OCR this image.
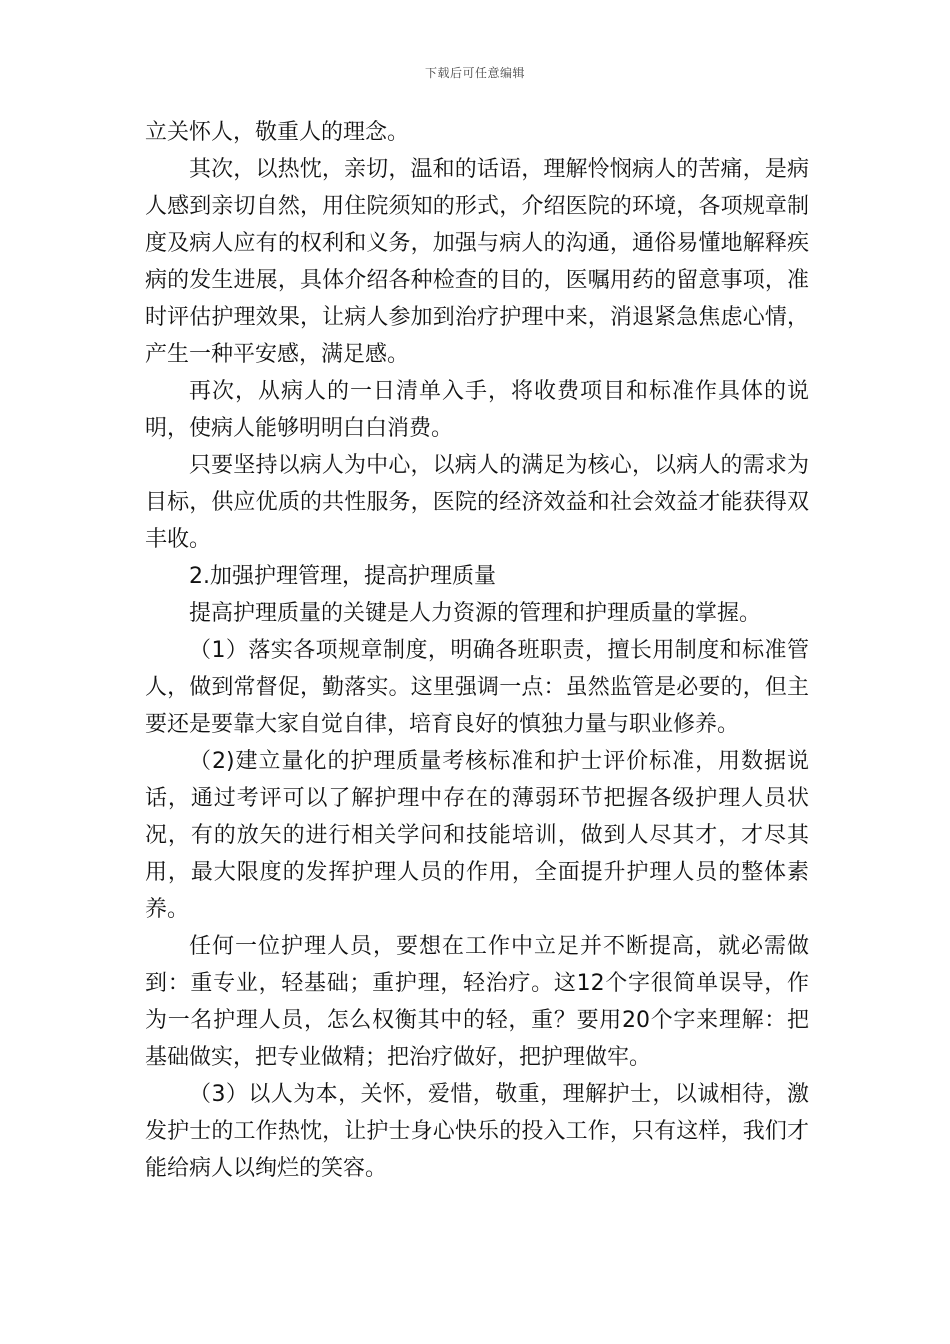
下载后可任意编辑

立关怀人，敬重人的理念。

其次，以热忱，亲切，温和的话语，理解怜悯病人的苦痛，是病人感到亲切自然，用住院须知的形式，介绍医院的环境，各项规章制度及病人应有的权利和义务，加强与病人的沟通，通俗易懂地解释疾病的发生进展，具体介绍各种检查的目的，医嘱用药的留意事项，准时评估护理效果，让病人参加到治疗护理中来，消退紧急焦虑心情，产生一种平安感，满足感。

再次，从病人的一日清单入手，将收费项目和标准作具体的说明，使病人能够明明白白消费。

只要坚持以病人为中心，以病人的满足为核心，以病人的需求为目标，供应优质的共性服务，医院的经济效益和社会效益才能获得双丰收。

2.加强护理管理，提高护理质量

提高护理质量的关键是人力资源的管理和护理质量的掌握。

（1）落实各项规章制度，明确各班职责，擅长用制度和标准管人，做到常督促，勤落实。这里强调一点：虽然监管是必要的，但主要还是要靠大家自觉自律，培育良好的慎独力量与职业修养。

（2)建立量化的护理质量考核标准和护士评价标准，用数据说话，通过考评可以了解护理中存在的薄弱环节把握各级护理人员状况，有的放矢的进行相关学问和技能培训，做到人尽其才，才尽其用，最大限度的发挥护理人员的作用，全面提升护理人员的整体素养。

任何一位护理人员，要想在工作中立足并不断提高，就必需做到：重专业，轻基础；重护理，轻治疗。这12个字很简单误导，作为一名护理人员，怎么权衡其中的轻，重？要用20个字来理解：把基础做实，把专业做精；把治疗做好，把护理做牢。

（3）以人为本，关怀，爱惜，敬重，理解护士，以诚相待，激发护士的工作热忱，让护士身心快乐的投入工作，只有这样，我们才能给病人以绚烂的笑容。
